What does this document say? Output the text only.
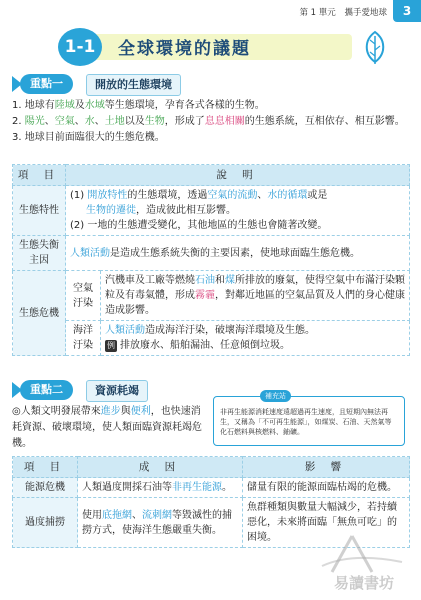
第 1 單元 攜手愛地球	3
1-1	全球環境的議題
重點一	開放的生態環境

1. 地球有陸域及水域等生態環境，孕育各式各樣的生物。

2. 陽光、空氣、水、土地以及生物，形成了息息相關的生態系統，互相依存、相互影響。

3. 地球目前面臨很大的生態危機。

項 目	說 明	
生態特性	(1) 開放特性的生態環境，透過空氣的流動、水的循環或是
生物的遷徙，造成彼此相互影響。
(2) 一地的生態遭受變化，其他地區的生態也會隨著改變。	

生態失衡主因	人類活動是造成生態系統失衡的主要因素，使地球面臨生態危機。	
生態危機	空氣汙染	汽機車及工廠等燃燒石油和煤所排放的廢氣，使得空氣中布滿汙染顆粒及有毒氣體，形成霧霾，對鄰近地區的空氣品質及人們的身心健康造成影響。
	海洋汙染	人類活動造成海洋汙染，破壞海洋環境及生態。
例 排放廢水、船舶漏油、任意傾倒垃圾。
重點二	資源耗竭
◎人類文明發展帶來進步與便利，也快速消耗資源、破壞環境，使人類面臨資源耗竭危機。
補充站
非再生能源消耗速度遠超過再生速度，且短期內無法再生，又稱為「不可再生能源」，如煤炭、石油、天然氣等化石燃料與核燃料、鈾礦。
項 目	成 因	影 響
能源危機	人類過度開採石油等非再生能源。	儲量有限的能源面臨枯竭的危機。
過度捕撈	使用底拖網、流刺網等毀滅性的捕撈方式，使海洋生態嚴重失衡。	魚群種類與數量大幅減少，若持續惡化，未來將面臨「無魚可吃」的困境。
易讀書坊
